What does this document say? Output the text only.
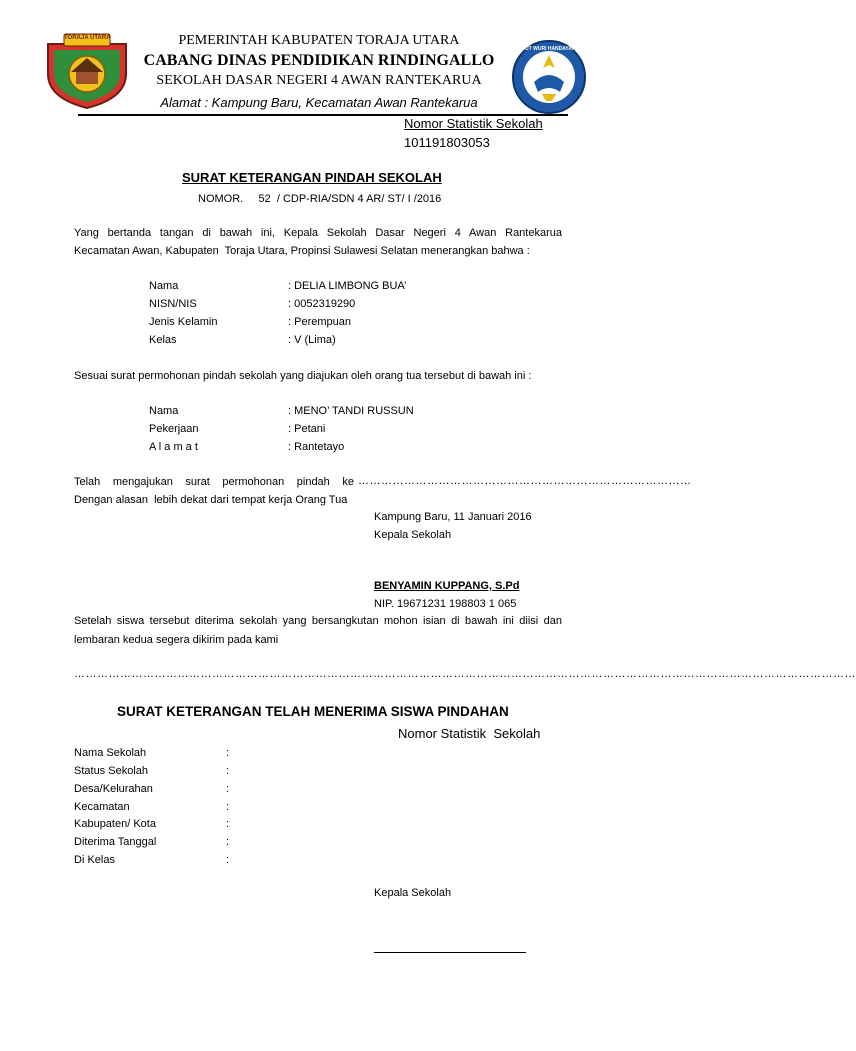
TORAJA UTARA
TUT WURI HANDAYANI
PEMERINTAH KABUPATEN TORAJA UTARA
CABANG DINAS PENDIDIKAN RINDINGALLO
SEKOLAH DASAR NEGERI 4 AWAN RANTEKARUA
Alamat : Kampung Baru, Kecamatan Awan Rantekarua
Nomor Statistik Sekolah
101191803053
SURAT KETERANGAN PINDAH SEKOLAH
NOMOR.     52  / CDP-RIA/SDN 4 AR/ ST/ I /2016
Yang bertanda tangan di bawah ini, Kepala Sekolah Dasar Negeri 4 Awan Rantekarua
Kecamatan Awan, Kabupaten  Toraja Utara, Propinsi Sulawesi Selatan menerangkan bahwa :
Nama	: DELIA LIMBONG BUA’
NISN/NIS	: 0052319290
Jenis Kelamin	: Perempuan
Kelas	: V (Lima)
Sesuai surat permohonan pindah sekolah yang diajukan oleh orang tua tersebut di bawah ini :
Nama	: MENO’ TANDI RUSSUN
Pekerjaan	: Petani
A l a m a t	: Rantetayo
Telah mengajukan surat permohonan pindah ke ……………………………………………………………………………
Dengan alasan  lebih dekat dari tempat kerja Orang Tua
Kampung Baru, 11 Januari 2016
Kepala Sekolah
BENYAMIN KUPPANG, S.Pd
NIP. 19671231 198803 1 065
Setelah siswa tersebut diterima sekolah yang bersangkutan mohon isian di bawah ini diisi dan
lembaran kedua segera dikirim pada kami
……………………………………………………………………………………………………………………………………………………………………………………
SURAT KETERANGAN TELAH MENERIMA SISWA PINDAHAN
Nomor Statistik  Sekolah
Nama Sekolah	:
Status Sekolah	:
Desa/Kelurahan	:
Kecamatan	:
Kabupaten/ Kota	:
Diterima Tanggal	:
Di Kelas	:
Kepala Sekolah
